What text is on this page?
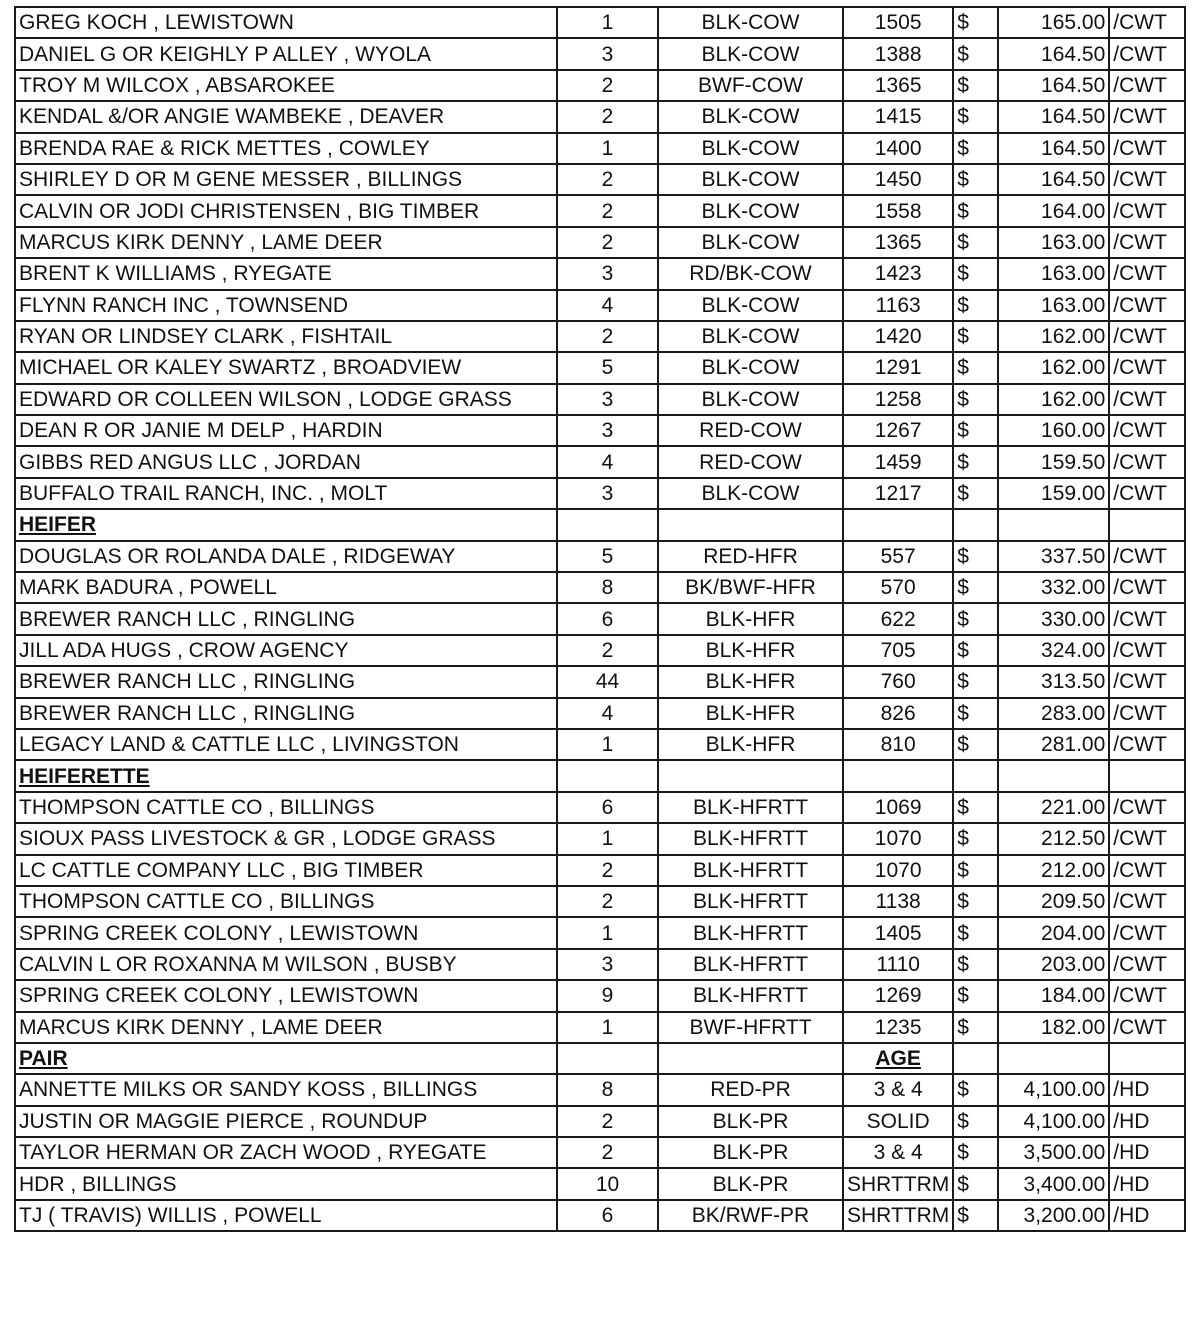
GREG KOCH , LEWISTOWN	1	BLK-COW	1505	$	165.00	/CWT
DANIEL G OR KEIGHLY P ALLEY , WYOLA	3	BLK-COW	1388	$	164.50	/CWT
TROY M WILCOX , ABSAROKEE	2	BWF-COW	1365	$	164.50	/CWT
KENDAL &/OR ANGIE WAMBEKE , DEAVER	2	BLK-COW	1415	$	164.50	/CWT
BRENDA RAE & RICK METTES , COWLEY	1	BLK-COW	1400	$	164.50	/CWT
SHIRLEY D OR M GENE MESSER , BILLINGS	2	BLK-COW	1450	$	164.50	/CWT
CALVIN OR JODI CHRISTENSEN , BIG TIMBER	2	BLK-COW	1558	$	164.00	/CWT
MARCUS KIRK DENNY , LAME DEER	2	BLK-COW	1365	$	163.00	/CWT
BRENT K WILLIAMS , RYEGATE	3	RD/BK-COW	1423	$	163.00	/CWT
FLYNN RANCH INC , TOWNSEND	4	BLK-COW	1163	$	163.00	/CWT
RYAN OR LINDSEY CLARK , FISHTAIL	2	BLK-COW	1420	$	162.00	/CWT
MICHAEL OR KALEY SWARTZ , BROADVIEW	5	BLK-COW	1291	$	162.00	/CWT
EDWARD OR COLLEEN WILSON , LODGE GRASS	3	BLK-COW	1258	$	162.00	/CWT
DEAN R OR JANIE M DELP , HARDIN	3	RED-COW	1267	$	160.00	/CWT
GIBBS RED ANGUS LLC , JORDAN	4	RED-COW	1459	$	159.50	/CWT
BUFFALO TRAIL RANCH, INC. , MOLT	3	BLK-COW	1217	$	159.00	/CWT
HEIFER						
DOUGLAS OR ROLANDA DALE , RIDGEWAY	5	RED-HFR	557	$	337.50	/CWT
MARK BADURA , POWELL	8	BK/BWF-HFR	570	$	332.00	/CWT
BREWER RANCH LLC , RINGLING	6	BLK-HFR	622	$	330.00	/CWT
JILL ADA HUGS , CROW AGENCY	2	BLK-HFR	705	$	324.00	/CWT
BREWER RANCH LLC , RINGLING	44	BLK-HFR	760	$	313.50	/CWT
BREWER RANCH LLC , RINGLING	4	BLK-HFR	826	$	283.00	/CWT
LEGACY LAND & CATTLE LLC , LIVINGSTON	1	BLK-HFR	810	$	281.00	/CWT
HEIFERETTE						
THOMPSON CATTLE CO , BILLINGS	6	BLK-HFRTT	1069	$	221.00	/CWT
SIOUX PASS LIVESTOCK & GR , LODGE GRASS	1	BLK-HFRTT	1070	$	212.50	/CWT
LC CATTLE COMPANY LLC , BIG TIMBER	2	BLK-HFRTT	1070	$	212.00	/CWT
THOMPSON CATTLE CO , BILLINGS	2	BLK-HFRTT	1138	$	209.50	/CWT
SPRING CREEK COLONY , LEWISTOWN	1	BLK-HFRTT	1405	$	204.00	/CWT
CALVIN L OR ROXANNA M WILSON , BUSBY	3	BLK-HFRTT	1110	$	203.00	/CWT
SPRING CREEK COLONY , LEWISTOWN	9	BLK-HFRTT	1269	$	184.00	/CWT
MARCUS KIRK DENNY , LAME DEER	1	BWF-HFRTT	1235	$	182.00	/CWT
PAIR			AGE			
ANNETTE MILKS OR SANDY KOSS , BILLINGS	8	RED-PR	3 & 4	$	4,100.00	/HD
JUSTIN OR MAGGIE PIERCE , ROUNDUP	2	BLK-PR	SOLID	$	4,100.00	/HD
TAYLOR HERMAN OR ZACH WOOD , RYEGATE	2	BLK-PR	3 & 4	$	3,500.00	/HD
HDR , BILLINGS	10	BLK-PR	SHRTTRM	$	3,400.00	/HD
TJ ( TRAVIS) WILLIS , POWELL	6	BK/RWF-PR	SHRTTRM	$	3,200.00	/HD
